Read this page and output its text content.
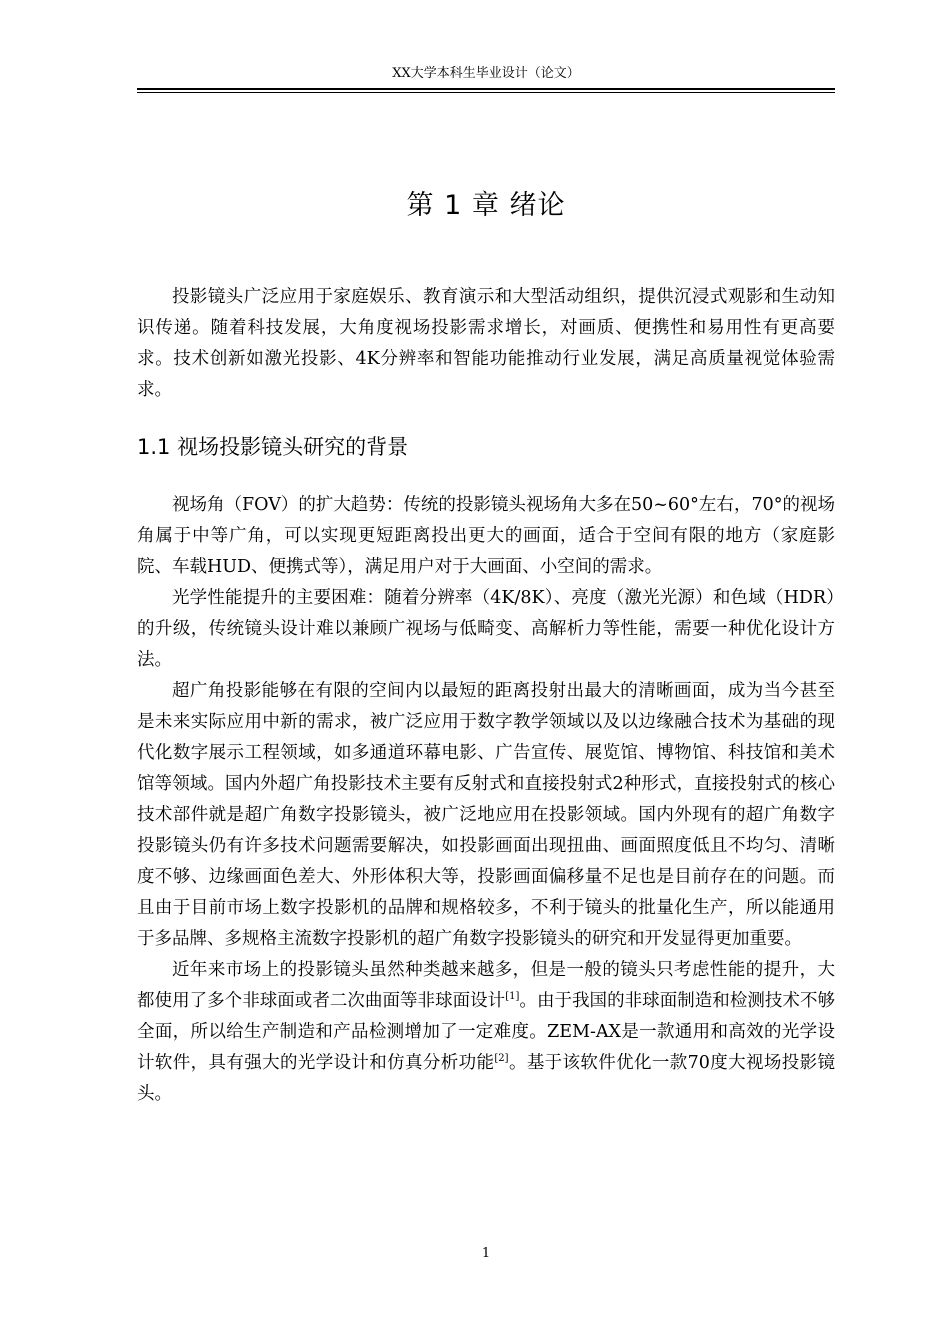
XX大学本科生毕业设计（论文）
第 1 章 绪论

投影镜头广泛应用于家庭娱乐、教育演示和大型活动组织，提供沉浸式观影和生动知识传递。随着科技发展，大角度视场投影需求增长，对画质、便携性和易用性有更高要求。技术创新如激光投影、4K分辨率和智能功能推动行业发展，满足高质量视觉体验需求。

1.1 视场投影镜头研究的背景

视场角（FOV）的扩大趋势：传统的投影镜头视场角大多在50~60°左右，70°的视场角属于中等广角，可以实现更短距离投出更大的画面，适合于空间有限的地方（家庭影院、车载HUD、便携式等），满足用户对于大画面、小空间的需求。

光学性能提升的主要困难：随着分辨率（4K/8K）、亮度（激光光源）和色域（HDR）的升级，传统镜头设计难以兼顾广视场与低畸变、高解析力等性能，需要一种优化设计方法。

超广角投影能够在有限的空间内以最短的距离投射出最大的清晰画面，成为当今甚至是未来实际应用中新的需求，被广泛应用于数字教学领域以及以边缘融合技术为基础的现代化数字展示工程领域，如多通道环幕电影、广告宣传、展览馆、博物馆、科技馆和美术馆等领域。国内外超广角投影技术主要有反射式和直接投射式2种形式，直接投射式的核心技术部件就是超广角数字投影镜头，被广泛地应用在投影领域。国内外现有的超广角数字投影镜头仍有许多技术问题需要解决，如投影画面出现扭曲、画面照度低且不均匀、清晰度不够、边缘画面色差大、外形体积大等，投影画面偏移量不足也是目前存在的问题。而且由于目前市场上数字投影机的品牌和规格较多，不利于镜头的批量化生产，所以能通用于多品牌、多规格主流数字投影机的超广角数字投影镜头的研究和开发显得更加重要。

近年来市场上的投影镜头虽然种类越来越多，但是一般的镜头只考虑性能的提升，大都使用了多个非球面或者二次曲面等非球面设计[1]。由于我国的非球面制造和检测技术不够全面，所以给生产制造和产品检测增加了一定难度。ZEM-AX是一款通用和高效的光学设计软件，具有强大的光学设计和仿真分析功能[2]。基于该软件优化一款70度大视场投影镜头。

1
